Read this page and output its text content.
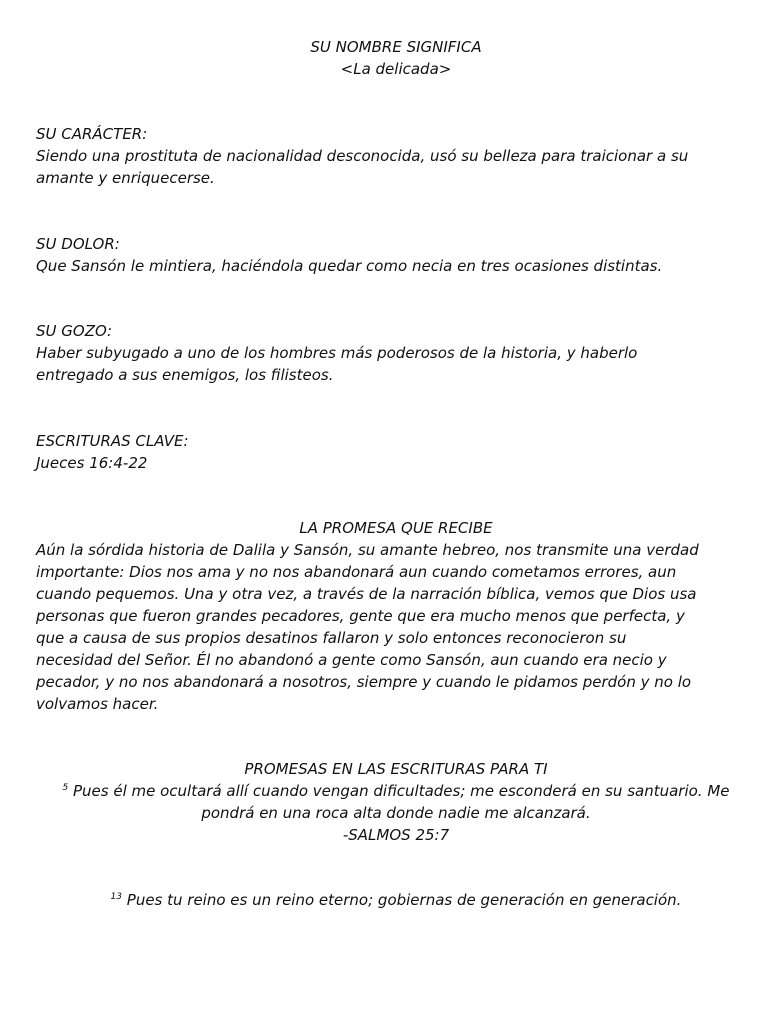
SU NOMBRE SIGNIFICA
<La delicada>
SU CARÁCTER:
Siendo una prostituta de nacionalidad desconocida, usó su belleza para traicionar a su
amante y enriquecerse.
SU DOLOR:
Que Sansón le mintiera, haciéndola quedar como necia en tres ocasiones distintas.
SU GOZO:
Haber subyugado a uno de los hombres más poderosos de la historia, y haberlo
entregado a sus enemigos, los filisteos.
ESCRITURAS CLAVE:
Jueces 16:4-22
LA PROMESA QUE RECIBE
Aún la sórdida historia de Dalila y Sansón, su amante hebreo, nos transmite una verdad
importante: Dios nos ama y no nos abandonará aun cuando cometamos errores, aun
cuando pequemos. Una y otra vez, a través de la narración bíblica, vemos que Dios usa
personas que fueron grandes pecadores, gente que era mucho menos que perfecta, y
que a causa de sus propios desatinos fallaron y solo entonces reconocieron su
necesidad del Señor. Él no abandonó a gente como Sansón, aun cuando era necio y
pecador, y no nos abandonará a nosotros, siempre y cuando le pidamos perdón y no lo
volvamos hacer.
PROMESAS EN LAS ESCRITURAS PARA TI
$^5$ Pues él me ocultará allí cuando vengan dificultades; me esconderá en su santuario. Me
pondrá en una roca alta donde nadie me alcanzará.
-SALMOS 25:7
$^{13}$ Pues tu reino es un reino eterno; gobiernas de generación en generación.
